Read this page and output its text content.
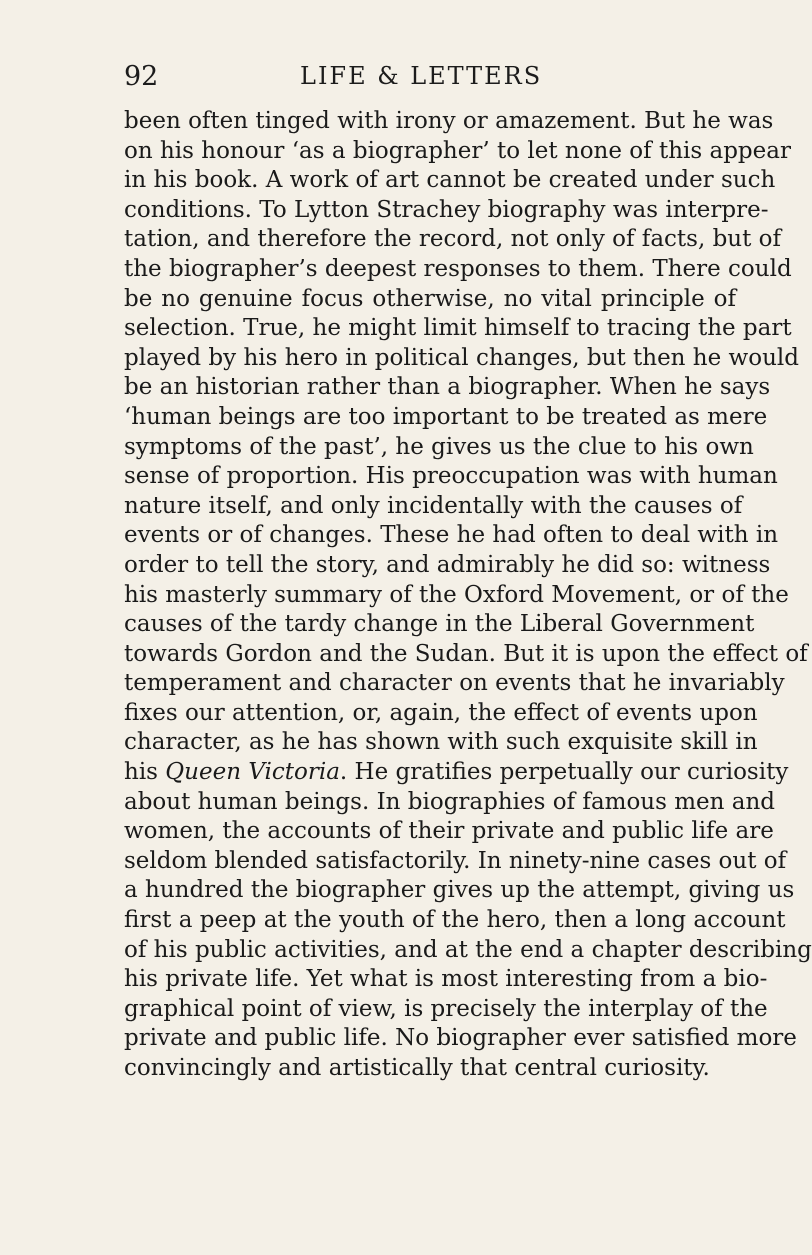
92	LIFE & LETTERS
been often tinged with irony or amazement. But he was
on his honour ‘as a biographer’ to let none of this appear
in his book. A work of art cannot be created under such
conditions. To Lytton Strachey biography was interpre-
tation, and therefore the record, not only of facts, but of
the biographer’s deepest responses to them. There could
be no genuine focus otherwise, no vital principle of
selection. True, he might limit himself to tracing the part
played by his hero in political changes, but then he would
be an historian rather than a biographer. When he says
‘human beings are too important to be treated as mere
symptoms of the past’, he gives us the clue to his own
sense of proportion. His preoccupation was with human
nature itself, and only incidentally with the causes of
events or of changes. These he had often to deal with in
order to tell the story, and admirably he did so: witness
his masterly summary of the Oxford Movement, or of the
causes of the tardy change in the Liberal Government
towards Gordon and the Sudan. But it is upon the effect of
temperament and character on events that he invariably
fixes our attention, or, again, the effect of events upon
character, as he has shown with such exquisite skill in
his Queen Victoria. He gratifies perpetually our curiosity
about human beings. In biographies of famous men and
women, the accounts of their private and public life are
seldom blended satisfactorily. In ninety-nine cases out of
a hundred the biographer gives up the attempt, giving us
first a peep at the youth of the hero, then a long account
of his public activities, and at the end a chapter describing
his private life. Yet what is most interesting from a bio-
graphical point of view, is precisely the interplay of the
private and public life. No biographer ever satisfied more
convincingly and artistically that central curiosity.
